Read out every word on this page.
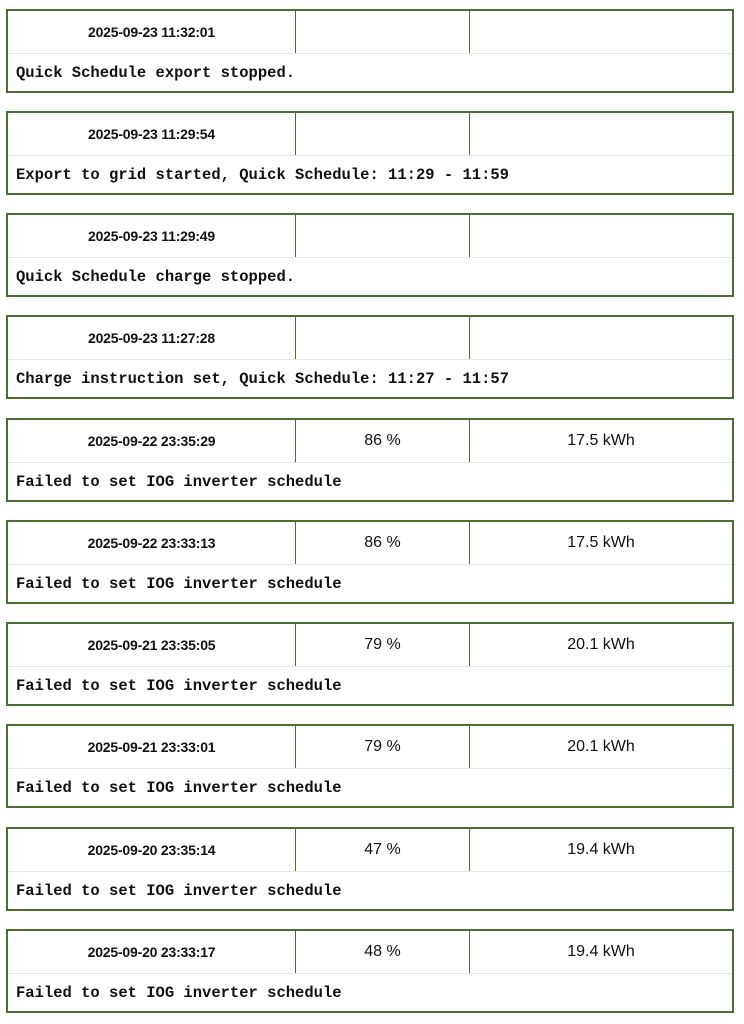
2025-09-23 11:32:01
Quick Schedule export stopped.
2025-09-23 11:29:54
Export to grid started, Quick Schedule: 11:29 - 11:59
2025-09-23 11:29:49
Quick Schedule charge stopped.
2025-09-23 11:27:28
Charge instruction set, Quick Schedule: 11:27 - 11:57
2025-09-22 23:35:29	86 %	17.5 kWh
Failed to set IOG inverter schedule
2025-09-22 23:33:13	86 %	17.5 kWh
Failed to set IOG inverter schedule
2025-09-21 23:35:05	79 %	20.1 kWh
Failed to set IOG inverter schedule
2025-09-21 23:33:01	79 %	20.1 kWh
Failed to set IOG inverter schedule
2025-09-20 23:35:14	47 %	19.4 kWh
Failed to set IOG inverter schedule
2025-09-20 23:33:17	48 %	19.4 kWh
Failed to set IOG inverter schedule
